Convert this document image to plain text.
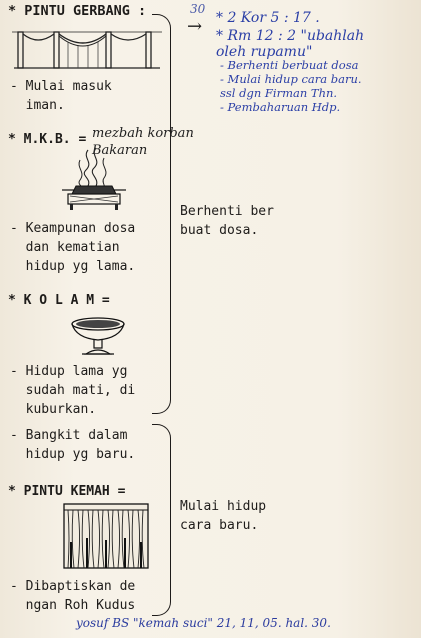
30
* PINTU GERBANG :
- Mulai masuk
iman.
* M.K.B. = mezbah korban
Bakaran
- Keampunan dosa
dan kematian
hidup yg lama.
* K O L A M =
- Hidup lama yg
sudah mati, di
kuburkan.
- Bangkit dalam
hidup yg baru.
* PINTU KEMAH =
- Dibaptiskan de
ngan Roh Kudus
Berhenti ber
buat dosa.
Mulai hidup
cara baru.
→ * 2 Kor 5 : 17 .
* Rm 12 : 2 "ubahlah
oleh rupamu"
- Berhenti berbuat dosa
- Mulai hidup cara baru.
ssl dgn Firman Thn.
- Pembaharuan Hdp.
yosuf BS "kemah suci" 21, 11, 05. hal. 30.
